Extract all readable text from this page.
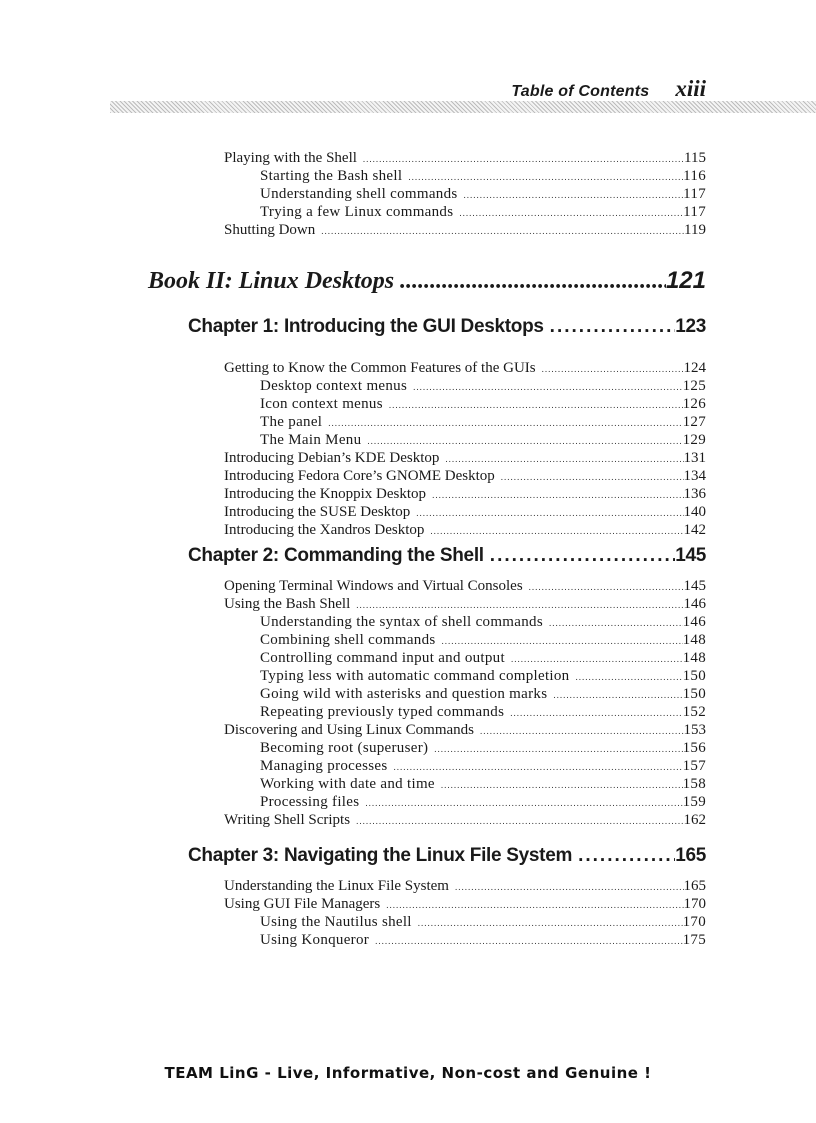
Table of Contents xiii
Playing with the Shell .....	115
Starting the Bash shell .....	116
Understanding shell commands .....	117
Trying a few Linux commands .....	117
Shutting Down .....	119
Book II: Linux Desktops .....	121
Chapter 1: Introducing the GUI Desktops .....	123
Getting to Know the Common Features of the GUIs .....	124
Desktop context menus .....	125
Icon context menus .....	126
The panel .....	127
The Main Menu .....	129
Introducing Debian’s KDE Desktop .....	131
Introducing Fedora Core’s GNOME Desktop .....	134
Introducing the Knoppix Desktop .....	136
Introducing the SUSE Desktop .....	140
Introducing the Xandros Desktop .....	142
Chapter 2: Commanding the Shell .....	145
Opening Terminal Windows and Virtual Consoles .....	145
Using the Bash Shell .....	146
Understanding the syntax of shell commands .....	146
Combining shell commands .....	148
Controlling command input and output .....	148
Typing less with automatic command completion .....	150
Going wild with asterisks and question marks .....	150
Repeating previously typed commands .....	152
Discovering and Using Linux Commands .....	153
Becoming root (superuser) .....	156
Managing processes .....	157
Working with date and time .....	158
Processing files .....	159
Writing Shell Scripts .....	162
Chapter 3: Navigating the Linux File System .....	165
Understanding the Linux File System .....	165
Using GUI File Managers .....	170
Using the Nautilus shell .....	170
Using Konqueror .....	175
TEAM LinG - Live, Informative, Non-cost and Genuine !
